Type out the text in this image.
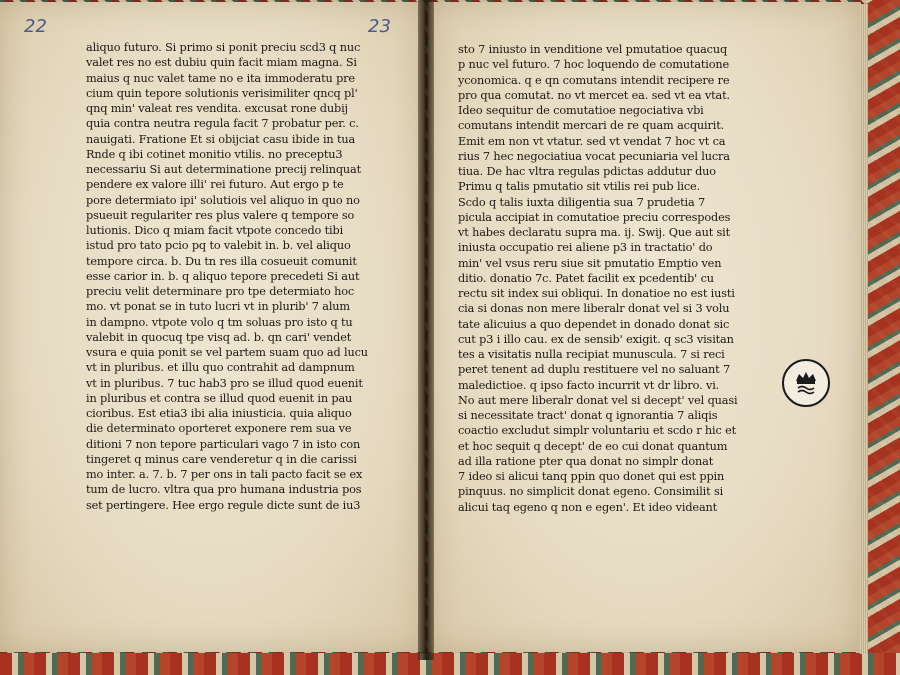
22	23
aliquo futuro. Si primo si ponit preciu scd3 q nuc
valet res no est dubiu quin facit miam magna. Si
maius q nuc valet tame no e ita immoderatu pre
cium quin tepore solutionis verisimiliter qncq pl'
qnq min' valeat res vendita. excusat rone dubij
quia contra neutra regula facit 7 probatur per. c.
nauigati. Fratione Et si obijciat casu ibide in tua
Rnde q ibi cotinet monitio vtilis. no preceptu3
necessariu Si aut determinatione precij relinquat
pendere ex valore illi' rei futuro. Aut ergo p te
pore determiato ipi' solutiois vel aliquo in quo no
psueuit regulariter res plus valere q tempore so
lutionis. Dico q miam facit vtpote concedo tibi
istud pro tato pcio pq to valebit in. b. vel aliquo
tempore circa. b. Du tn res illa cosueuit comunit
esse carior in. b. q aliquo tepore precedeti Si aut
preciu velit determinare pro tpe determiato hoc
mo. vt ponat se in tuto lucri vt in plurib' 7 alum
in dampno. vtpote volo q tm soluas pro isto q tu
valebit in quocuq tpe visq ad. b. qn cari' vendet
vsura e quia ponit se vel partem suam quo ad lucu
vt in pluribus. et illu quo contrahit ad dampnum
vt in pluribus. 7 tuc hab3 pro se illud quod euenit
in pluribus et contra se illud quod euenit in pau
cioribus. Est etia3 ibi alia iniusticia. quia aliquo
die determinato oporteret exponere rem sua ve
ditioni 7 non tepore particulari vago 7 in isto con
tingeret q minus care venderetur q in die carissi
mo inter. a. 7. b. 7 per ons in tali pacto facit se ex
tum de lucro. vltra qua pro humana industria pos
set pertingere. Hee ergo regule dicte sunt de iu3
sto 7 iniusto in venditione vel pmutatioe quacuq
p nuc vel futuro. 7 hoc loquendo de comutatione
yconomica. q e qn comutans intendit recipere re
pro qua comutat. no vt mercet ea. sed vt ea vtat.
Ideo sequitur de comutatioe negociativa vbi
comutans intendit mercari de re quam acquirit.
Emit em non vt vtatur. sed vt vendat 7 hoc vt ca
rius 7 hec negociatiua vocat pecuniaria vel lucra
tiua. De hac vltra regulas pdictas addutur duo
Primu q talis pmutatio sit vtilis rei pub lice.
Scdo q talis iuxta diligentia sua 7 prudetia 7
picula accipiat in comutatioe preciu correspodes
vt habes declaratu supra ma. ij. Swij. Que aut sit
iniusta occupatio rei aliene p3 in tractatio' do
min' vel vsus reru siue sit pmutatio Emptio ven
ditio. donatio 7c. Patet facilit ex pcedentib' cu
rectu sit index sui obliqui. In donatioe no est iusti
cia si donas non mere liberalr donat vel si 3 volu
tate alicuius a quo dependet in donado donat sic
cut p3 i illo cau. ex de sensib' exigit. q sc3 visitan
tes a visitatis nulla recipiat munuscula. 7 si reci
peret tenent ad duplu restituere vel no saluant 7
maledictioe. q ipso facto incurrit vt dr libro. vi.
No aut mere liberalr donat vel si decept' vel quasi
si necessitate tract' donat q ignorantia 7 aliqis
coactio excludut simplr voluntariu et scdo r hic et
et hoc sequit q decept' de eo cui donat quantum
ad illa ratione pter qua donat no simplr donat
7 ideo si alicui tanq ppin quo donet qui est ppin
pinquus. no simplicit donat egeno. Consimilit si
alicui taq egeno q non e egen'. Et ideo videant
